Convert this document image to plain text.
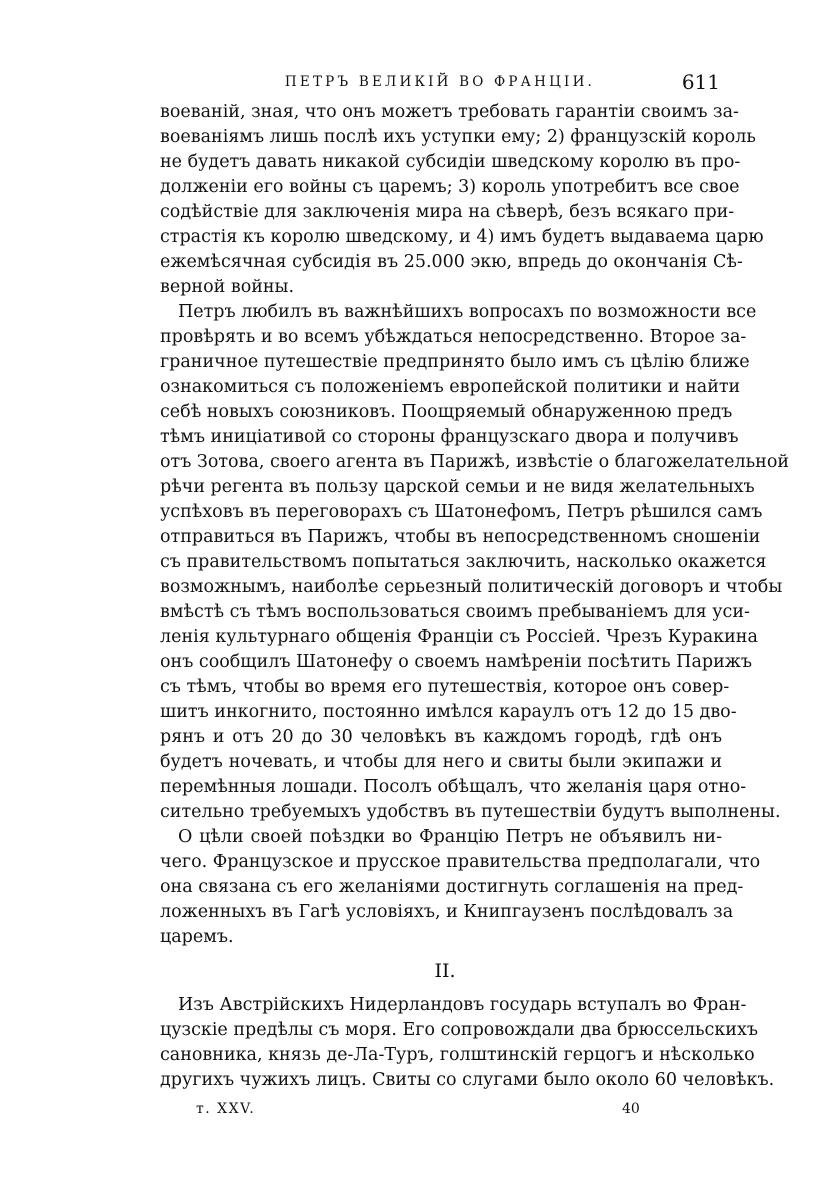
ПЕТРЪ ВЕЛИКІЙ ВО ФРАНЦІИ.	611
воеваній, зная, что онъ можетъ требовать гарантіи своимъ за-
воеваніямъ лишь послѣ ихъ уступки ему; 2) французскій король
не будетъ давать никакой субсидіи шведскому королю въ про-
долженіи его войны съ царемъ; 3) король употребитъ все свое
содѣйствіе для заключенія мира на сѣверѣ, безъ всякаго при-
страстія къ королю шведскому, и 4) имъ будетъ выдаваема царю
ежемѣсячная субсидія въ 25.000 экю, впредь до окончанія Сѣ-
верной войны.
Петръ любилъ въ важнѣйшихъ вопросахъ по возможности все
провѣрять и во всемъ убѣждаться непосредственно. Второе за-
граничное путешествіе предпринято было имъ съ цѣлію ближе
ознакомиться съ положеніемъ европейской политики и найти
себѣ новыхъ союзниковъ. Поощряемый обнаруженною предъ
тѣмъ иниціативой со стороны французскаго двора и получивъ
отъ Зотова, своего агента въ Парижѣ, извѣстіе о благожелательной
рѣчи регента въ пользу царской семьи и не видя желательныхъ
успѣховъ въ переговорахъ съ Шатонефомъ, Петръ рѣшился самъ
отправиться въ Парижъ, чтобы въ непосредственномъ сношеніи
съ правительствомъ попытаться заключить, насколько окажется
возможнымъ, наиболѣе серьезный политическій договоръ и чтобы
вмѣстѣ съ тѣмъ воспользоваться своимъ пребываніемъ для уси-
ленія культурнаго общенія Франціи съ Россіей. Чрезъ Куракина
онъ сообщилъ Шатонефу о своемъ намѣреніи посѣтить Парижъ
съ тѣмъ, чтобы во время его путешествія, которое онъ совер-
шитъ инкогнито, постоянно имѣлся караулъ отъ 12 до 15 дво-
рянъ и отъ 20 до 30 человѣкъ въ каждомъ городѣ, гдѣ онъ
будетъ ночевать, и чтобы для него и свиты были экипажи и
перемѣнныя лошади. Посолъ обѣщалъ, что желанія царя отно-
сительно требуемыхъ удобствъ въ путешествіи будутъ выполнены.
О цѣли своей поѣздки во Францію Петръ не объявилъ ни-
чего. Французское и прусское правительства предполагали, что
она связана съ его желаніями достигнуть соглашенія на пред-
ложенныхъ въ Гагѣ условіяхъ, и Книпгаузенъ послѣдовалъ за
царемъ.
II.
Изъ Австрійскихъ Нидерландовъ государь вступалъ во Фран-
цузскіе предѣлы съ моря. Его сопровождали два брюссельскихъ
сановника, князь де-Ла-Туръ, голштинскій герцогъ и нѣсколько
другихъ чужихъ лицъ. Свиты со слугами было около 60 человѣкъ.
т. XXV.	40
